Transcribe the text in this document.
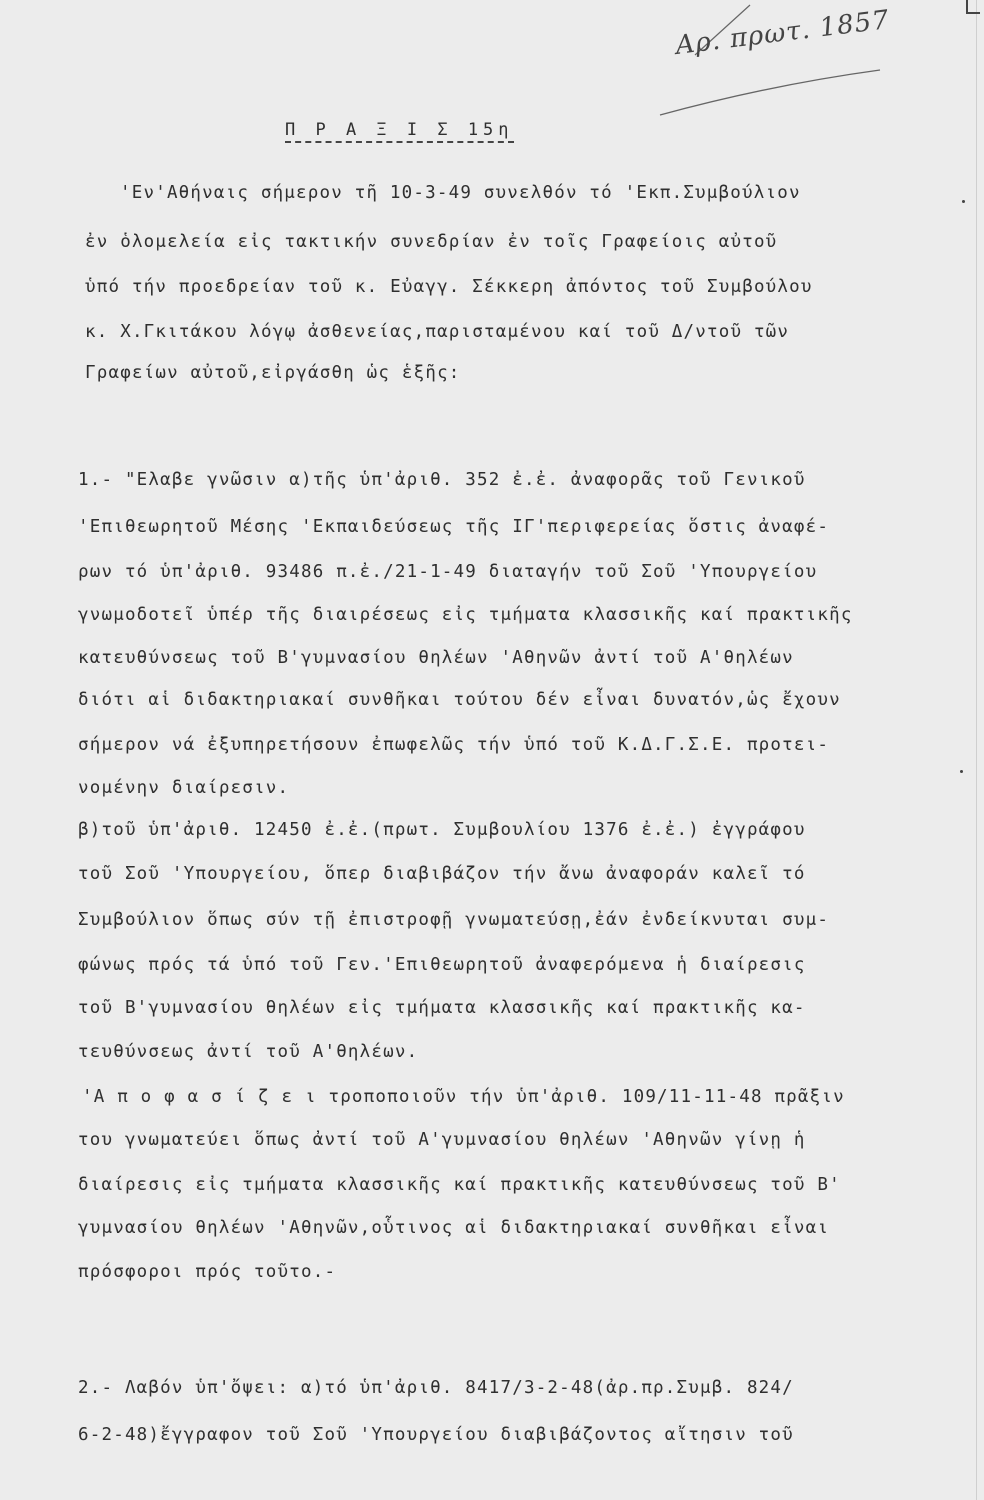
Αρ. πρωτ. 1857
Π Ρ Α Ξ Ι Σ 15η
'Εν'Αθήναις σήμερον τῆ 10-3-49 συνελθόν τό 'Εκπ.Συμβούλιον
ἐν ὁλομελεία εἰς τακτικήν συνεδρίαν ἐν τοῖς Γραφείοις αὐτοῦ
ὑπό τήν προεδρείαν τοῦ κ. Εὐαγγ. Σέκκερη ἀπόντος τοῦ Συμβούλου
κ. Χ.Γκιτάκου λόγῳ ἀσθενείας,παρισταμένου καί τοῦ Δ/ντοῦ τῶν
Γραφείων αὐτοῦ,εἰργάσθη ὡς ἑξῆς:
1.- "Ελαβε γνῶσιν α)τῆς ὑπ'ἀριθ. 352 ἐ.ἐ. ἀναφορᾶς τοῦ Γενικοῦ
'Επιθεωρητοῦ Μέσης 'Εκπαιδεύσεως τῆς ΙΓ'περιφερείας ὅστις ἀναφέ-
ρων τό ὑπ'ἀριθ. 93486 π.ἐ./21-1-49 διαταγήν τοῦ Σοῦ 'Υπουργείου
γνωμοδοτεῖ ὑπέρ τῆς διαιρέσεως εἰς τμήματα κλασσικῆς καί πρακτικῆς
κατευθύνσεως τοῦ Β'γυμνασίου θηλέων 'Αθηνῶν ἀντί τοῦ Α'θηλέων
διότι αἱ διδακτηριακαί συνθῆκαι τούτου δέν εἶναι δυνατόν,ὡς ἔχουν
σήμερον νά ἐξυπηρετήσουν ἐπωφελῶς τήν ὑπό τοῦ Κ.Δ.Γ.Σ.Ε. προτει-
νομένην διαίρεσιν.
β)τοῦ ὑπ'ἀριθ. 12450 ἐ.ἐ.(πρωτ. Συμβουλίου 1376 ἐ.ἐ.) ἐγγράφου
τοῦ Σοῦ 'Υπουργείου, ὅπερ διαβιβάζον τήν ἄνω ἀναφοράν καλεῖ τό
Συμβούλιον ὅπως σύν τῇ ἐπιστροφῇ γνωματεύσῃ,ἐάν ἐνδείκνυται συμ-
φώνως πρός τά ὑπό τοῦ Γεν.'Επιθεωρητοῦ ἀναφερόμενα ἡ διαίρεσις
τοῦ Β'γυμνασίου θηλέων εἰς τμήματα κλασσικῆς καί πρακτικῆς κα-
τευθύνσεως ἀντί τοῦ Α'θηλέων.
'Α π ο φ α σ ί ζ ε ι τροποποιοῦν τήν ὑπ'ἀριθ. 109/11-11-48 πρᾶξιν
του γνωματεύει ὅπως ἀντί τοῦ Α'γυμνασίου θηλέων 'Αθηνῶν γίνῃ ἡ
διαίρεσις εἰς τμήματα κλασσικῆς καί πρακτικῆς κατευθύνσεως τοῦ Β'
γυμνασίου θηλέων 'Αθηνῶν,οὗτινος αἱ διδακτηριακαί συνθῆκαι εἶναι
πρόσφοροι πρός τοῦτο.-
2.- Λαβόν ὑπ'ὄψει: α)τό ὑπ'ἀριθ. 8417/3-2-48(ἀρ.πρ.Συμβ. 824/
6-2-48)ἔγγραφον τοῦ Σοῦ 'Υπουργείου διαβιβάζοντος αἴτησιν τοῦ
